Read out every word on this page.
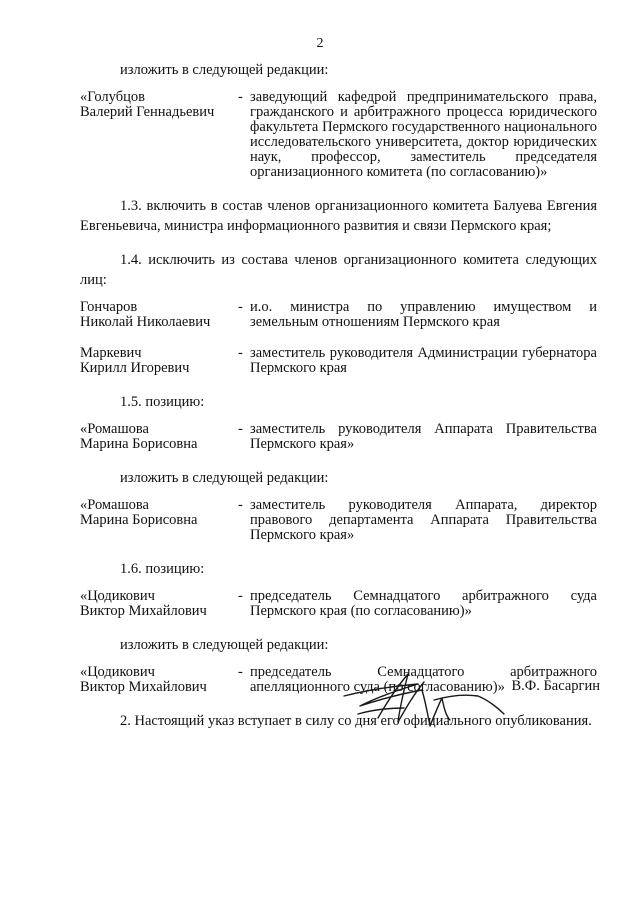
2

изложить в следующей редакции:

«Голубцов
Валерий Геннадьевич
- заведующий кафедрой предпринимательского права, гражданского и арбитражного процесса юридического факультета Пермского государственного национального исследовательского университета, доктор юридических наук, профессор, заместитель председателя организационного комитета (по согласованию)»

1.3. включить в состав членов организационного комитета Балуева Евгения Евгеньевича, министра информационного развития и связи Пермского края;

1.4. исключить из состава членов организационного комитета следующих лиц:

Гончаров
Николай Николаевич
- и.о. министра по управлению имуществом и земельным отношениям Пермского края
Маркевич
Кирилл Игоревич
- заместитель руководителя Администрации губернатора Пермского края

1.5. позицию:

«Ромашова
Марина Борисовна
- заместитель руководителя Аппарата Правительства Пермского края»

изложить в следующей редакции:

«Ромашова
Марина Борисовна
- заместитель руководителя Аппарата, директор правового департамента Аппарата Правительства Пермского края»

1.6. позицию:

«Цодикович
Виктор Михайлович
- председатель Семнадцатого арбитражного суда Пермского края (по согласованию)»

изложить в следующей редакции:

«Цодикович
Виктор Михайлович
- председатель Семнадцатого арбитражного апелляционного суда (по согласованию)»

2. Настоящий указ вступает в силу со дня его официального опубликования.

В.Ф. Басаргин
